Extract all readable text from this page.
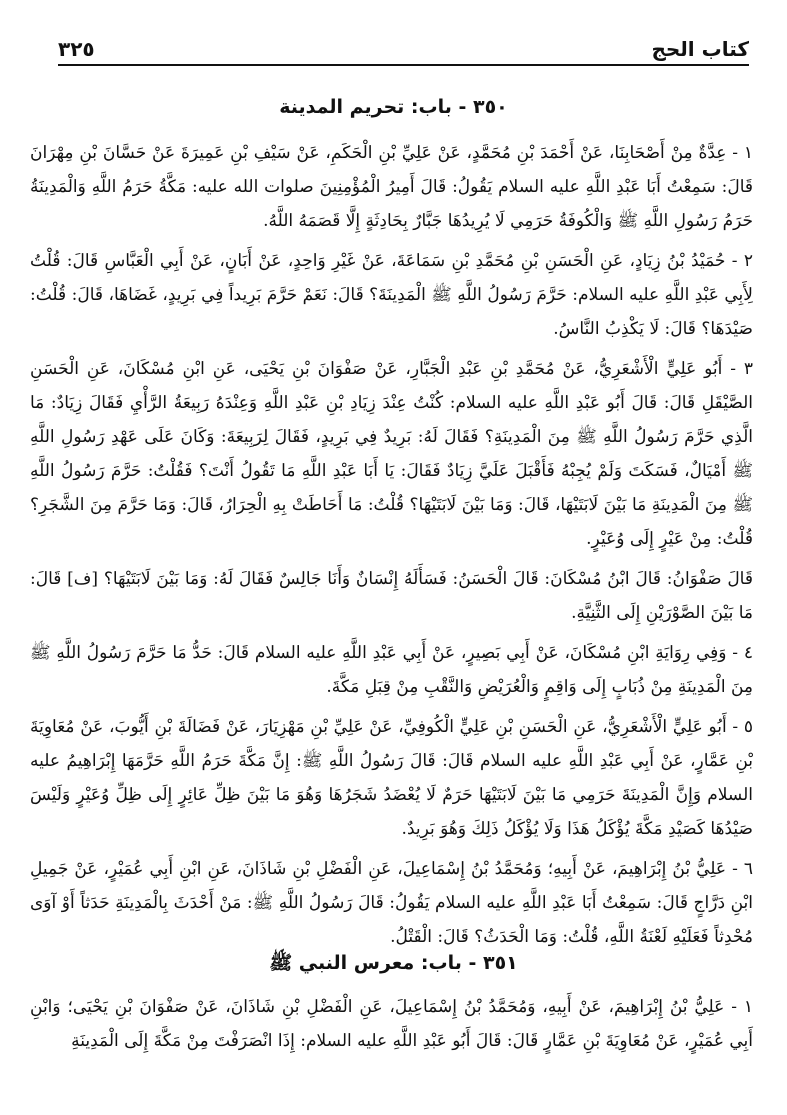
كتاب الحج
٣٢٥
٣٥٠ - باب: تحريم المدينة

١ - عِدَّةٌ مِنْ أَصْحَابِنَا، عَنْ أَحْمَدَ بْنِ مُحَمَّدٍ، عَنْ عَلِيِّ بْنِ الْحَكَمِ، عَنْ سَيْفِ بْنِ عَمِيرَةَ عَنْ حَسَّانَ بْنِ مِهْرَانَ قَالَ: سَمِعْتُ أَبَا عَبْدِ اللَّهِ عليه السلام يَقُولُ: قَالَ أَمِيرُ الْمُؤْمِنِينَ صلوات الله عليه: مَكَّةُ حَرَمُ اللَّهِ وَالْمَدِينَةُ حَرَمُ رَسُولِ اللَّهِ ﷺ وَالْكُوفَةُ حَرَمِي لَا يُرِيدُهَا جَبَّارٌ بِحَادِثَةٍ إِلَّا قَصَمَهُ اللَّهُ.

٢ - حُمَيْدُ بْنُ زِيَادٍ، عَنِ الْحَسَنِ بْنِ مُحَمَّدِ بْنِ سَمَاعَةَ، عَنْ غَيْرِ وَاحِدٍ، عَنْ أَبَانٍ، عَنْ أَبِي الْعَبَّاسِ قَالَ: قُلْتُ لِأَبِي عَبْدِ اللَّهِ عليه السلام: حَرَّمَ رَسُولُ اللَّهِ ﷺ الْمَدِينَةَ؟ قَالَ: نَعَمْ حَرَّمَ بَرِيداً فِي بَرِيدٍ، غَضَاهَا، قَالَ: قُلْتُ: صَيْدَهَا؟ قَالَ: لَا يَكْذِبُ النَّاسُ.

٣ - أَبُو عَلِيٍّ الْأَشْعَرِيُّ، عَنْ مُحَمَّدِ بْنِ عَبْدِ الْجَبَّارِ، عَنْ صَفْوَانَ بْنِ يَحْيَى، عَنِ ابْنِ مُسْكَانَ، عَنِ الْحَسَنِ الصَّيْقَلِ قَالَ: قَالَ أَبُو عَبْدِ اللَّهِ عليه السلام: كُنْتُ عِنْدَ زِيَادِ بْنِ عَبْدِ اللَّهِ وَعِنْدَهُ رَبِيعَةُ الرَّأْيِ فَقَالَ زِيَادٌ: مَا الَّذِي حَرَّمَ رَسُولُ اللَّهِ ﷺ مِنَ الْمَدِينَةِ؟ فَقَالَ لَهُ: بَرِيدٌ فِي بَرِيدٍ، فَقَالَ لِرَبِيعَةَ: وَكَانَ عَلَى عَهْدِ رَسُولِ اللَّهِ ﷺ أَمْيَالٌ، فَسَكَتَ وَلَمْ يُجِبْهُ فَأَقْبَلَ عَلَيَّ زِيَادٌ فَقَالَ: يَا أَبَا عَبْدِ اللَّهِ مَا تَقُولُ أَنْتَ؟ فَقُلْتُ: حَرَّمَ رَسُولُ اللَّهِ ﷺ مِنَ الْمَدِينَةِ مَا بَيْنَ لَابَتَيْهَا، قَالَ: وَمَا بَيْنَ لَابَتَيْهَا؟ قُلْتُ: مَا أَحَاطَتْ بِهِ الْحِرَارُ، قَالَ: وَمَا حَرَّمَ مِنَ الشَّجَرِ؟ قُلْتُ: مِنْ عَيْرٍ إِلَى وُعَيْرٍ.

قَالَ صَفْوَانُ: قَالَ ابْنُ مُسْكَانَ: قَالَ الْحَسَنُ: فَسَأَلَهُ إِنْسَانٌ وَأَنَا جَالِسٌ فَقَالَ لَهُ: وَمَا بَيْنَ لَابَتَيْهَا؟ [ف] قَالَ: مَا بَيْنَ الصَّوْرَيْنِ إِلَى الثَّنِيَّةِ.

٤ - وَفِي رِوَايَةِ ابْنِ مُسْكَانَ، عَنْ أَبِي بَصِيرٍ، عَنْ أَبِي عَبْدِ اللَّهِ عليه السلام قَالَ: حَدُّ مَا حَرَّمَ رَسُولُ اللَّهِ ﷺ مِنَ الْمَدِينَةِ مِنْ ذُبَابٍ إِلَى وَاقِمٍ وَالْعُرَيْضِ وَالنَّقْبِ مِنْ قِبَلِ مَكَّةَ.

٥ - أَبُو عَلِيٍّ الْأَشْعَرِيُّ، عَنِ الْحَسَنِ بْنِ عَلِيٍّ الْكُوفِيِّ، عَنْ عَلِيِّ بْنِ مَهْزِيَارَ، عَنْ فَضَالَةَ بْنِ أَيُّوبَ، عَنْ مُعَاوِيَةَ بْنِ عَمَّارٍ، عَنْ أَبِي عَبْدِ اللَّهِ عليه السلام قَالَ: قَالَ رَسُولُ اللَّهِ ﷺ: إِنَّ مَكَّةَ حَرَمُ اللَّهِ حَرَّمَهَا إِبْرَاهِيمُ عليه السلام وَإِنَّ الْمَدِينَةَ حَرَمِي مَا بَيْنَ لَابَتَيْهَا حَرَمٌ لَا يُعْضَدُ شَجَرُهَا وَهُوَ مَا بَيْنَ ظِلِّ عَائِرٍ إِلَى ظِلِّ وُعَيْرٍ وَلَيْسَ صَيْدُهَا كَصَيْدِ مَكَّةَ يُؤْكَلُ هَذَا وَلَا يُؤْكَلُ ذَلِكَ وَهُوَ بَرِيدٌ.

٦ - عَلِيُّ بْنُ إِبْرَاهِيمَ، عَنْ أَبِيهِ؛ وَمُحَمَّدُ بْنُ إِسْمَاعِيلَ، عَنِ الْفَضْلِ بْنِ شَاذَانَ، عَنِ ابْنِ أَبِي عُمَيْرٍ، عَنْ جَمِيلِ ابْنِ دَرَّاجٍ قَالَ: سَمِعْتُ أَبَا عَبْدِ اللَّهِ عليه السلام يَقُولُ: قَالَ رَسُولُ اللَّهِ ﷺ: مَنْ أَحْدَثَ بِالْمَدِينَةِ حَدَثاً أَوْ آوَى مُحْدِثاً فَعَلَيْهِ لَعْنَةُ اللَّهِ، قُلْتُ: وَمَا الْحَدَثُ؟ قَالَ: الْقَتْلُ.

٣٥١ - باب: معرس النبي ﷺ

١ - عَلِيُّ بْنُ إِبْرَاهِيمَ، عَنْ أَبِيهِ، وَمُحَمَّدُ بْنُ إِسْمَاعِيلَ، عَنِ الْفَضْلِ بْنِ شَاذَانَ، عَنْ صَفْوَانَ بْنِ يَحْيَى؛ وَابْنِ أَبِي عُمَيْرٍ، عَنْ مُعَاوِيَةَ بْنِ عَمَّارٍ قَالَ: قَالَ أَبُو عَبْدِ اللَّهِ عليه السلام: إِذَا انْصَرَفْتَ مِنْ مَكَّةَ إِلَى الْمَدِينَةِ
